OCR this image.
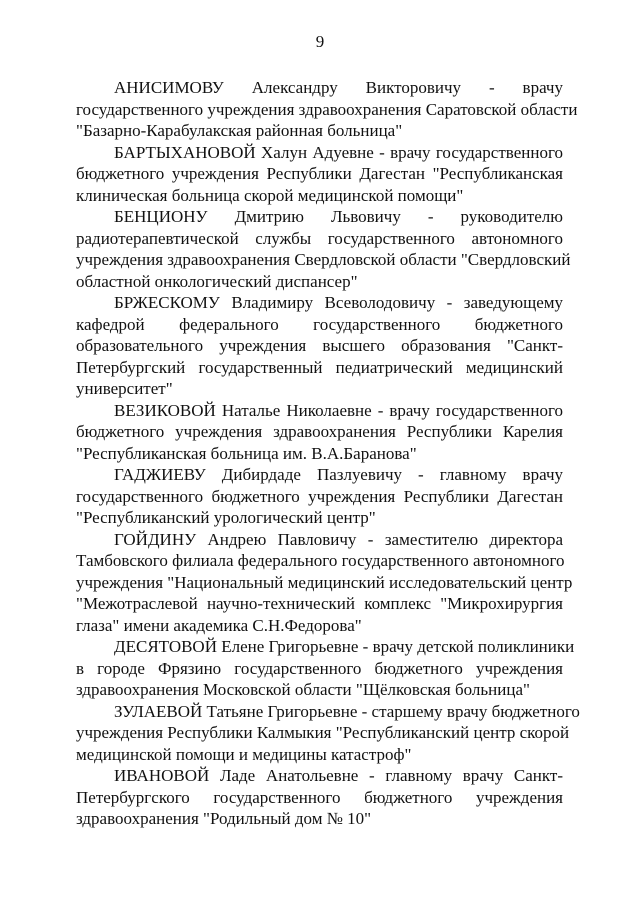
9
АНИСИМОВУ Александру Викторовичу - врачу
государственного учреждения здравоохранения Саратовской области
"Базарно-Карабулакская районная больница"
БАРТЫХАНОВОЙ Халун Адуевне - врачу государственного
бюджетного учреждения Республики Дагестан "Республиканская
клиническая больница скорой медицинской помощи"
БЕНЦИОНУ Дмитрию Львовичу - руководителю
радиотерапевтической службы государственного автономного
учреждения здравоохранения Свердловской области "Свердловский
областной онкологический диспансер"
БРЖЕСКОМУ Владимиру Всеволодовичу - заведующему
кафедрой федерального государственного бюджетного
образовательного учреждения высшего образования "Санкт-
Петербургский государственный педиатрический медицинский
университет"
ВЕЗИКОВОЙ Наталье Николаевне - врачу государственного
бюджетного учреждения здравоохранения Республики Карелия
"Республиканская больница им. В.А.Баранова"
ГАДЖИЕВУ Дибирдаде Пазлуевичу - главному врачу
государственного бюджетного учреждения Республики Дагестан
"Республиканский урологический центр"
ГОЙДИНУ Андрею Павловичу - заместителю директора
Тамбовского филиала федерального государственного автономного
учреждения "Национальный медицинский исследовательский центр
"Межотраслевой научно-технический комплекс "Микрохирургия
глаза" имени академика С.Н.Федорова"
ДЕСЯТОВОЙ Елене Григорьевне - врачу детской поликлиники
в городе Фрязино государственного бюджетного учреждения
здравоохранения Московской области "Щёлковская больница"
ЗУЛАЕВОЙ Татьяне Григорьевне - старшему врачу бюджетного
учреждения Республики Калмыкия "Республиканский центр скорой
медицинской помощи и медицины катастроф"
ИВАНОВОЙ Ладе Анатольевне - главному врачу Санкт-
Петербургского государственного бюджетного учреждения
здравоохранения "Родильный дом № 10"
